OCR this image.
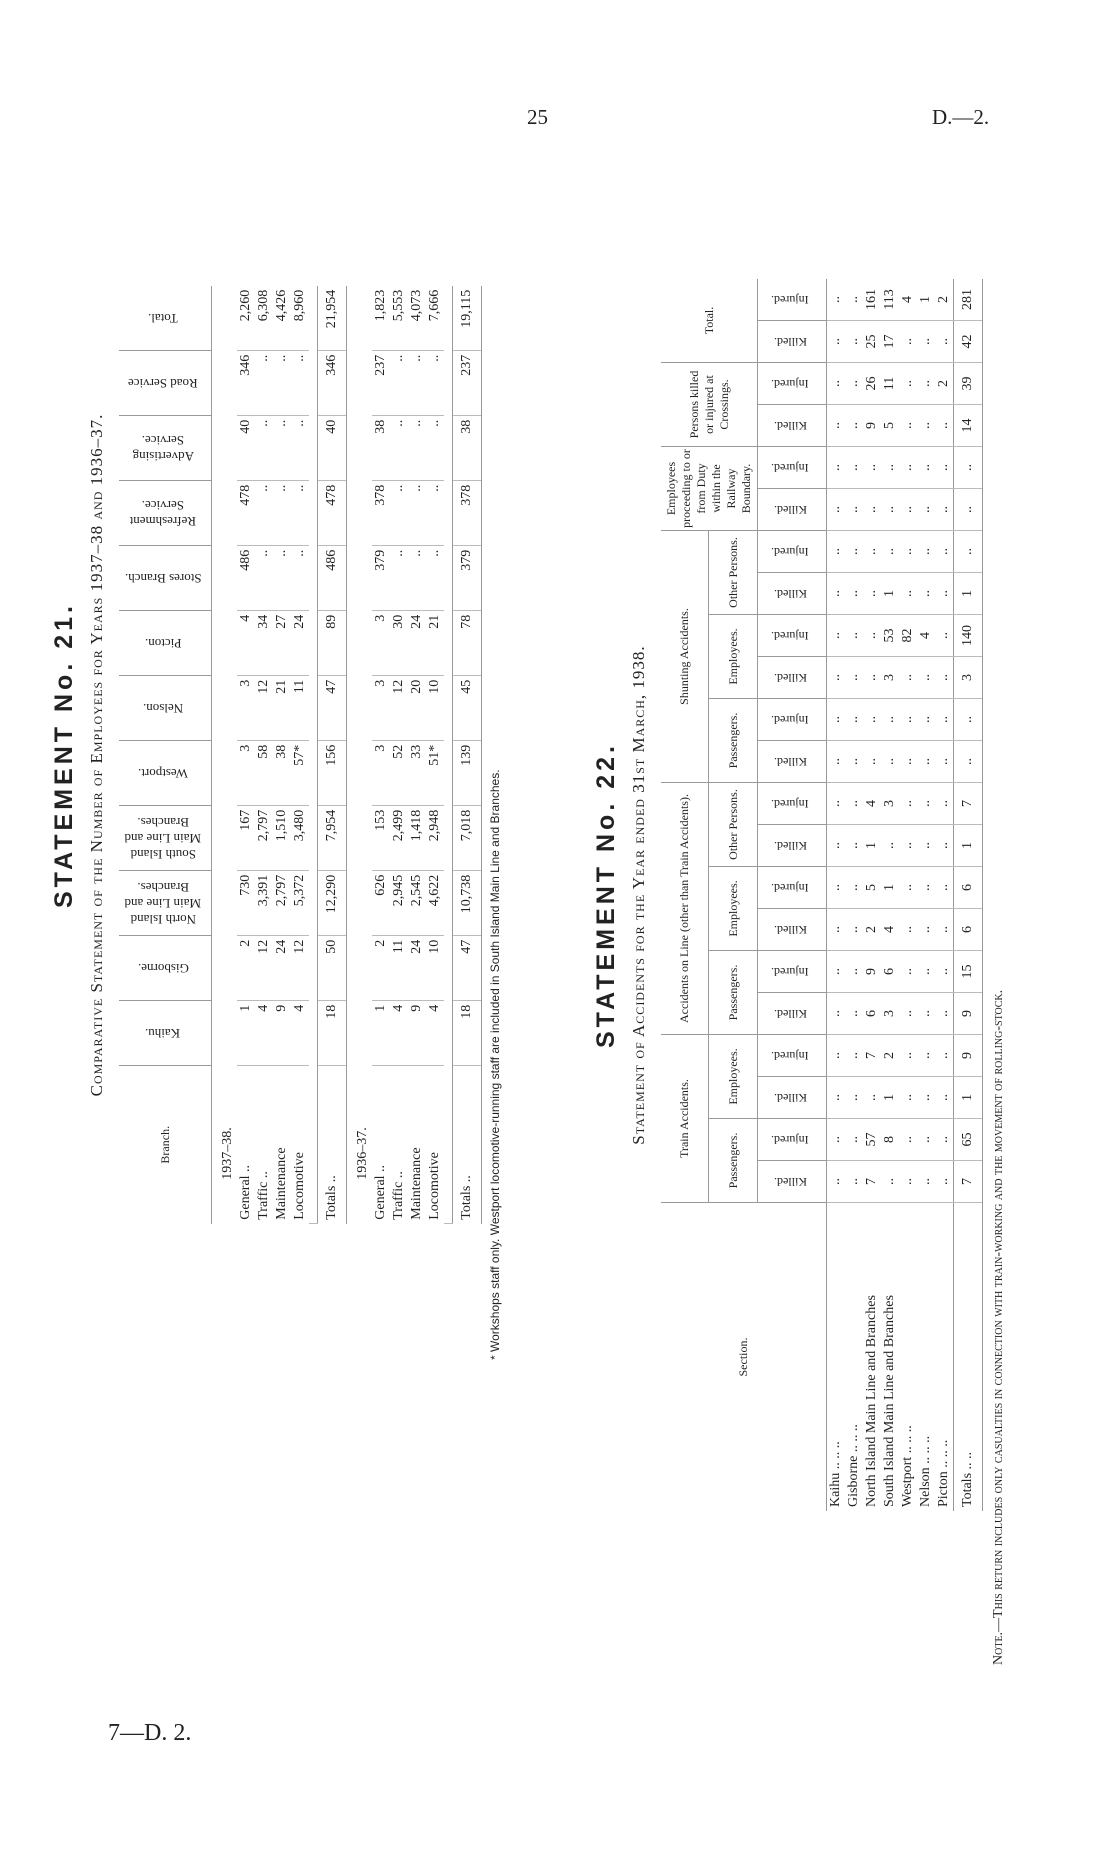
25	D.—2.
7—D. 2.
STATEMENT No. 21. Comparative Statement of the Number of Employees for Years 1937–38 and 1936–37.
Branch.	Kaihu.	Gisborne.	North Island Main Line and Branches.	South Island Main Line and Branches.	Westport.	Nelson.	Picton.	Stores Branch.	Refreshment Service.	Advertising Service.	Road Service	Total.
1937–38.												
General ..	1	2	730	167	3	3	4	486	478	40	346	2,260
Traffic ..	4	12	3,391	2,797	58	12	34	..	..	..	..	6,308
Maintenance	9	24	2,797	1,510	38	21	27	..	..	..	..	4,426
Locomotive	4	12	5,372	3,480	57*	11	24	..	..	..	..	8,960

Totals ..	18	50	12,290	7,954	156	47	89	486	478	40	346	21,954
1936–37.												
General ..	1	2	626	153	3	3	3	379	378	38	237	1,823
Traffic ..	4	11	2,945	2,499	52	12	30	..	..	..	..	5,553
Maintenance	9	24	2,545	1,418	33	20	24	..	..	..	..	4,073
Locomotive	4	10	4,622	2,948	51*	10	21	..	..	..	..	7,666

Totals ..	18	47	10,738	7,018	139	45	78	379	378	38	237	19,115
* Workshops staff only. Westport locomotive-running staff are included in South Island Main Line and Branches.	STATEMENT No. 22. Statement of Accidents for the Year ended 31st March, 1938.
Section.	Train Accidents.				Accidents on Line (other than Train Accidents).						Shunting Accidents.						Employees proceeding to or from Duty within the Railway Boundary.		Persons killed or injured at Crossings.		Total.	
	Passengers.		Employees.		Passengers.		Employees.		Other Persons.		Passengers.		Employees.		Other Persons.							
	Killed.	Injured.	Killed.	Injured.	Killed.	Injured.	Killed.	Injured.	Killed.	Injured.	Killed.	Injured.	Killed.	Injured.	Killed.	Injured.	Killed.	Injured.	Killed.	Injured.	Killed.	Injured.
Kaihu .. .. ..	..	..	..	..	..	..	..	..	..	..	..	..	..	..	..	..	..	..	..	..	..	..
Gisborne .. .. ..	..	..	..	..	..	..	..	..	..	..	..	..	..	..	..	..	..	..	..	..	..	..
North Island Main Line and Branches	7	57	..	7	6	9	2	5	1	4	..	..	..	..	..	..	..	..	9	26	25	161
South Island Main Line and Branches	..	8	1	2	3	6	4	1	..	3	..	..	3	53	1	..	..	..	5	11	17	113
Westport .. .. ..	..	..	..	..	..	..	..	..	..	..	..	..	..	82	..	..	..	..	..	..	..	4
Nelson .. .. ..	..	..	..	..	..	..	..	..	..	..	..	..	..	4	..	..	..	..	..	..	..	1
Picton .. .. ..	..	..	..	..	..	..	..	..	..	..	..	..	..	..	..	..	..	..	..	2	..	2
Totals .. ..	7	65	1	9	9	15	6	6	1	7	..	..	3	140	1	..	..	..	14	39	42	281
Note.—This return includes only casualties in connection with train-working and the movement of rolling-stock.
